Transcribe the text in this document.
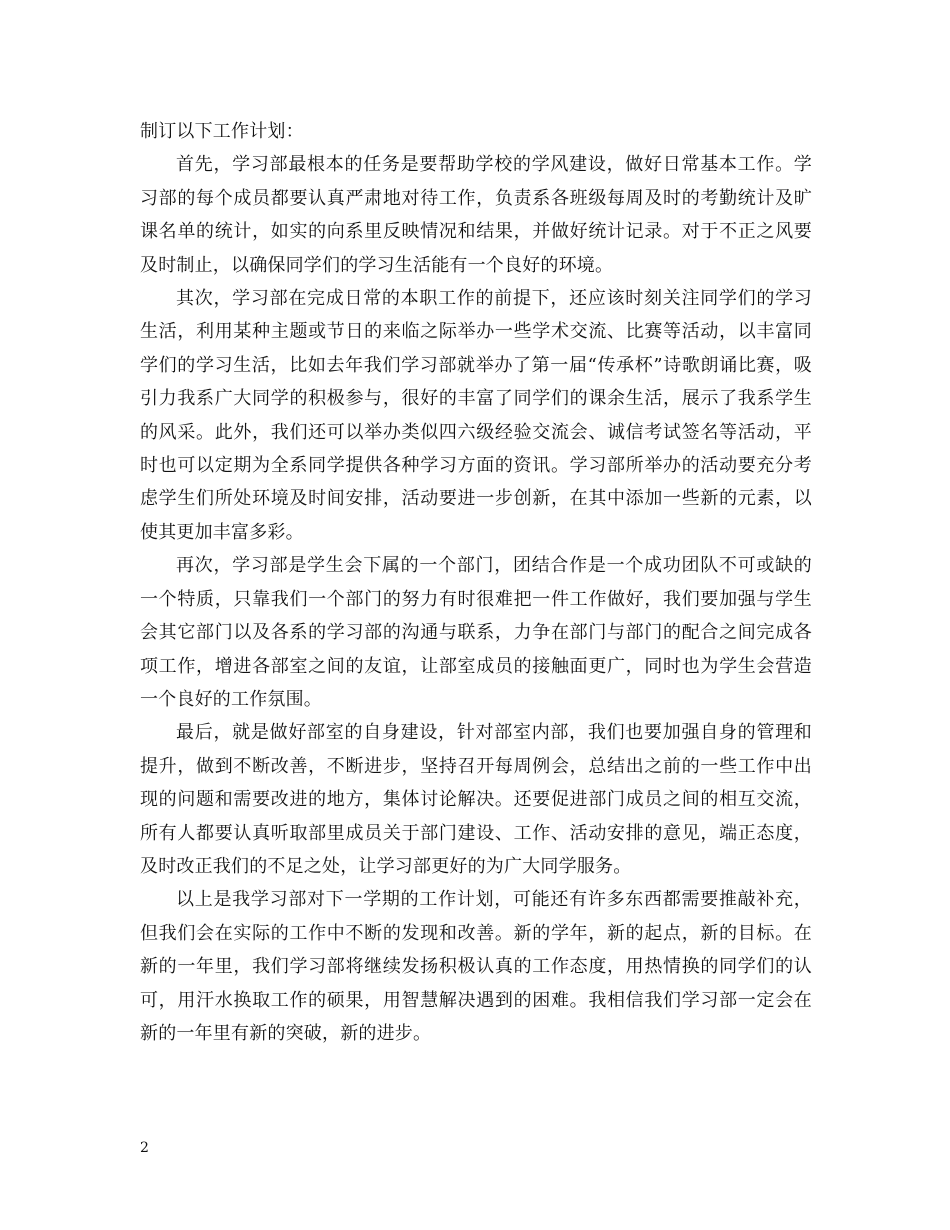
制订以下工作计划：

首先，学习部最根本的任务是要帮助学校的学风建设，做好日常基本工作。学习部的每个成员都要认真严肃地对待工作，负责系各班级每周及时的考勤统计及旷课名单的统计，如实的向系里反映情况和结果，并做好统计记录。对于不正之风要及时制止，以确保同学们的学习生活能有一个良好的环境。

其次，学习部在完成日常的本职工作的前提下，还应该时刻关注同学们的学习生活，利用某种主题或节日的来临之际举办一些学术交流、比赛等活动，以丰富同学们的学习生活，比如去年我们学习部就举办了第一届“传承杯”诗歌朗诵比赛，吸引力我系广大同学的积极参与，很好的丰富了同学们的课余生活，展示了我系学生的风采。此外，我们还可以举办类似四六级经验交流会、诚信考试签名等活动，平时也可以定期为全系同学提供各种学习方面的资讯。学习部所举办的活动要充分考虑学生们所处环境及时间安排，活动要进一步创新，在其中添加一些新的元素，以使其更加丰富多彩。

再次，学习部是学生会下属的一个部门，团结合作是一个成功团队不可或缺的一个特质，只靠我们一个部门的努力有时很难把一件工作做好，我们要加强与学生会其它部门以及各系的学习部的沟通与联系，力争在部门与部门的配合之间完成各项工作，增进各部室之间的友谊，让部室成员的接触面更广，同时也为学生会营造一个良好的工作氛围。

最后，就是做好部室的自身建设，针对部室内部，我们也要加强自身的管理和提升，做到不断改善，不断进步，坚持召开每周例会，总结出之前的一些工作中出现的问题和需要改进的地方，集体讨论解决。还要促进部门成员之间的相互交流，所有人都要认真听取部里成员关于部门建设、工作、活动安排的意见，端正态度，及时改正我们的不足之处，让学习部更好的为广大同学服务。

以上是我学习部对下一学期的工作计划，可能还有许多东西都需要推敲补充，但我们会在实际的工作中不断的发现和改善。新的学年，新的起点，新的目标。在新的一年里，我们学习部将继续发扬积极认真的工作态度，用热情换的同学们的认可，用汗水换取工作的硕果，用智慧解决遇到的困难。我相信我们学习部一定会在新的一年里有新的突破，新的进步。

2
